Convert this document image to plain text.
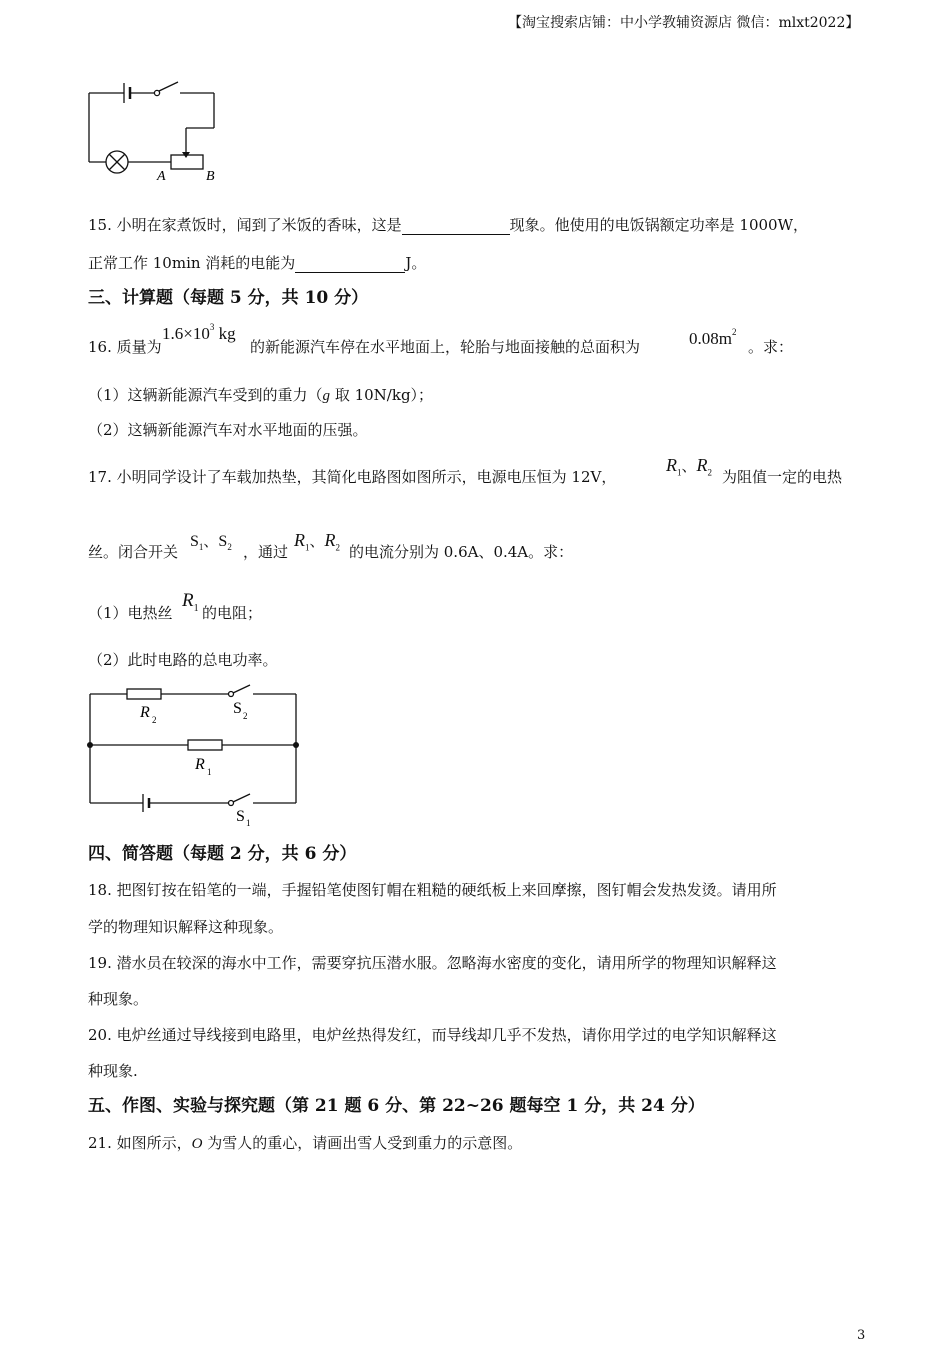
【淘宝搜索店铺：中小学教辅资源店 微信：mlxt2022】
A	B
15. 小明在家煮饭时，闻到了米饭的香味，这是	现象。他使用的电饭锅额定功率是 1000W，
正常工作 10min 消耗的电能为	J。
三、计算题（每题 5 分，共 10 分）
16. 质量为
$1.6\times 10^3$ kg
的新能源汽车停在水平地面上，轮胎与地面接触的总面积为	$0.08m^2$
。求：
（1）这辆新能源汽车受到的重力（g 取 10N/kg）；
（2）这辆新能源汽车对水平地面的压强。
17. 小明同学设计了车载加热垫，其简化电路图如图所示，电源电压恒为 12V，
$R_1$、$R_2$ 为阻值一定的电热
丝。闭合开关
$S_1$、$S_2$ ，通过
$R_1$、$R_2$ 的电流分别为 0.6A、0.4A。求：
（1）电热丝
$R_1$ 的电阻；
（2）此时电路的总电功率。
R 2
S 2
R 1
S 1
四、简答题（每题 2 分，共 6 分）
18. 把图钉按在铅笔的一端，手握铅笔使图钉帽在粗糙的硬纸板上来回摩擦，图钉帽会发热发烫。请用所
学的物理知识解释这种现象。
19. 潜水员在较深的海水中工作，需要穿抗压潜水服。忽略海水密度的变化，请用所学的物理知识解释这
种现象。
20. 电炉丝通过导线接到电路里，电炉丝热得发红，而导线却几乎不发热，请你用学过的电学知识解释这
种现象.
五、作图、实验与探究题（第 21 题 6 分、第 22~26 题每空 1 分，共 24 分）
21. 如图所示，O 为雪人的重心，请画出雪人受到重力的示意图。
3
